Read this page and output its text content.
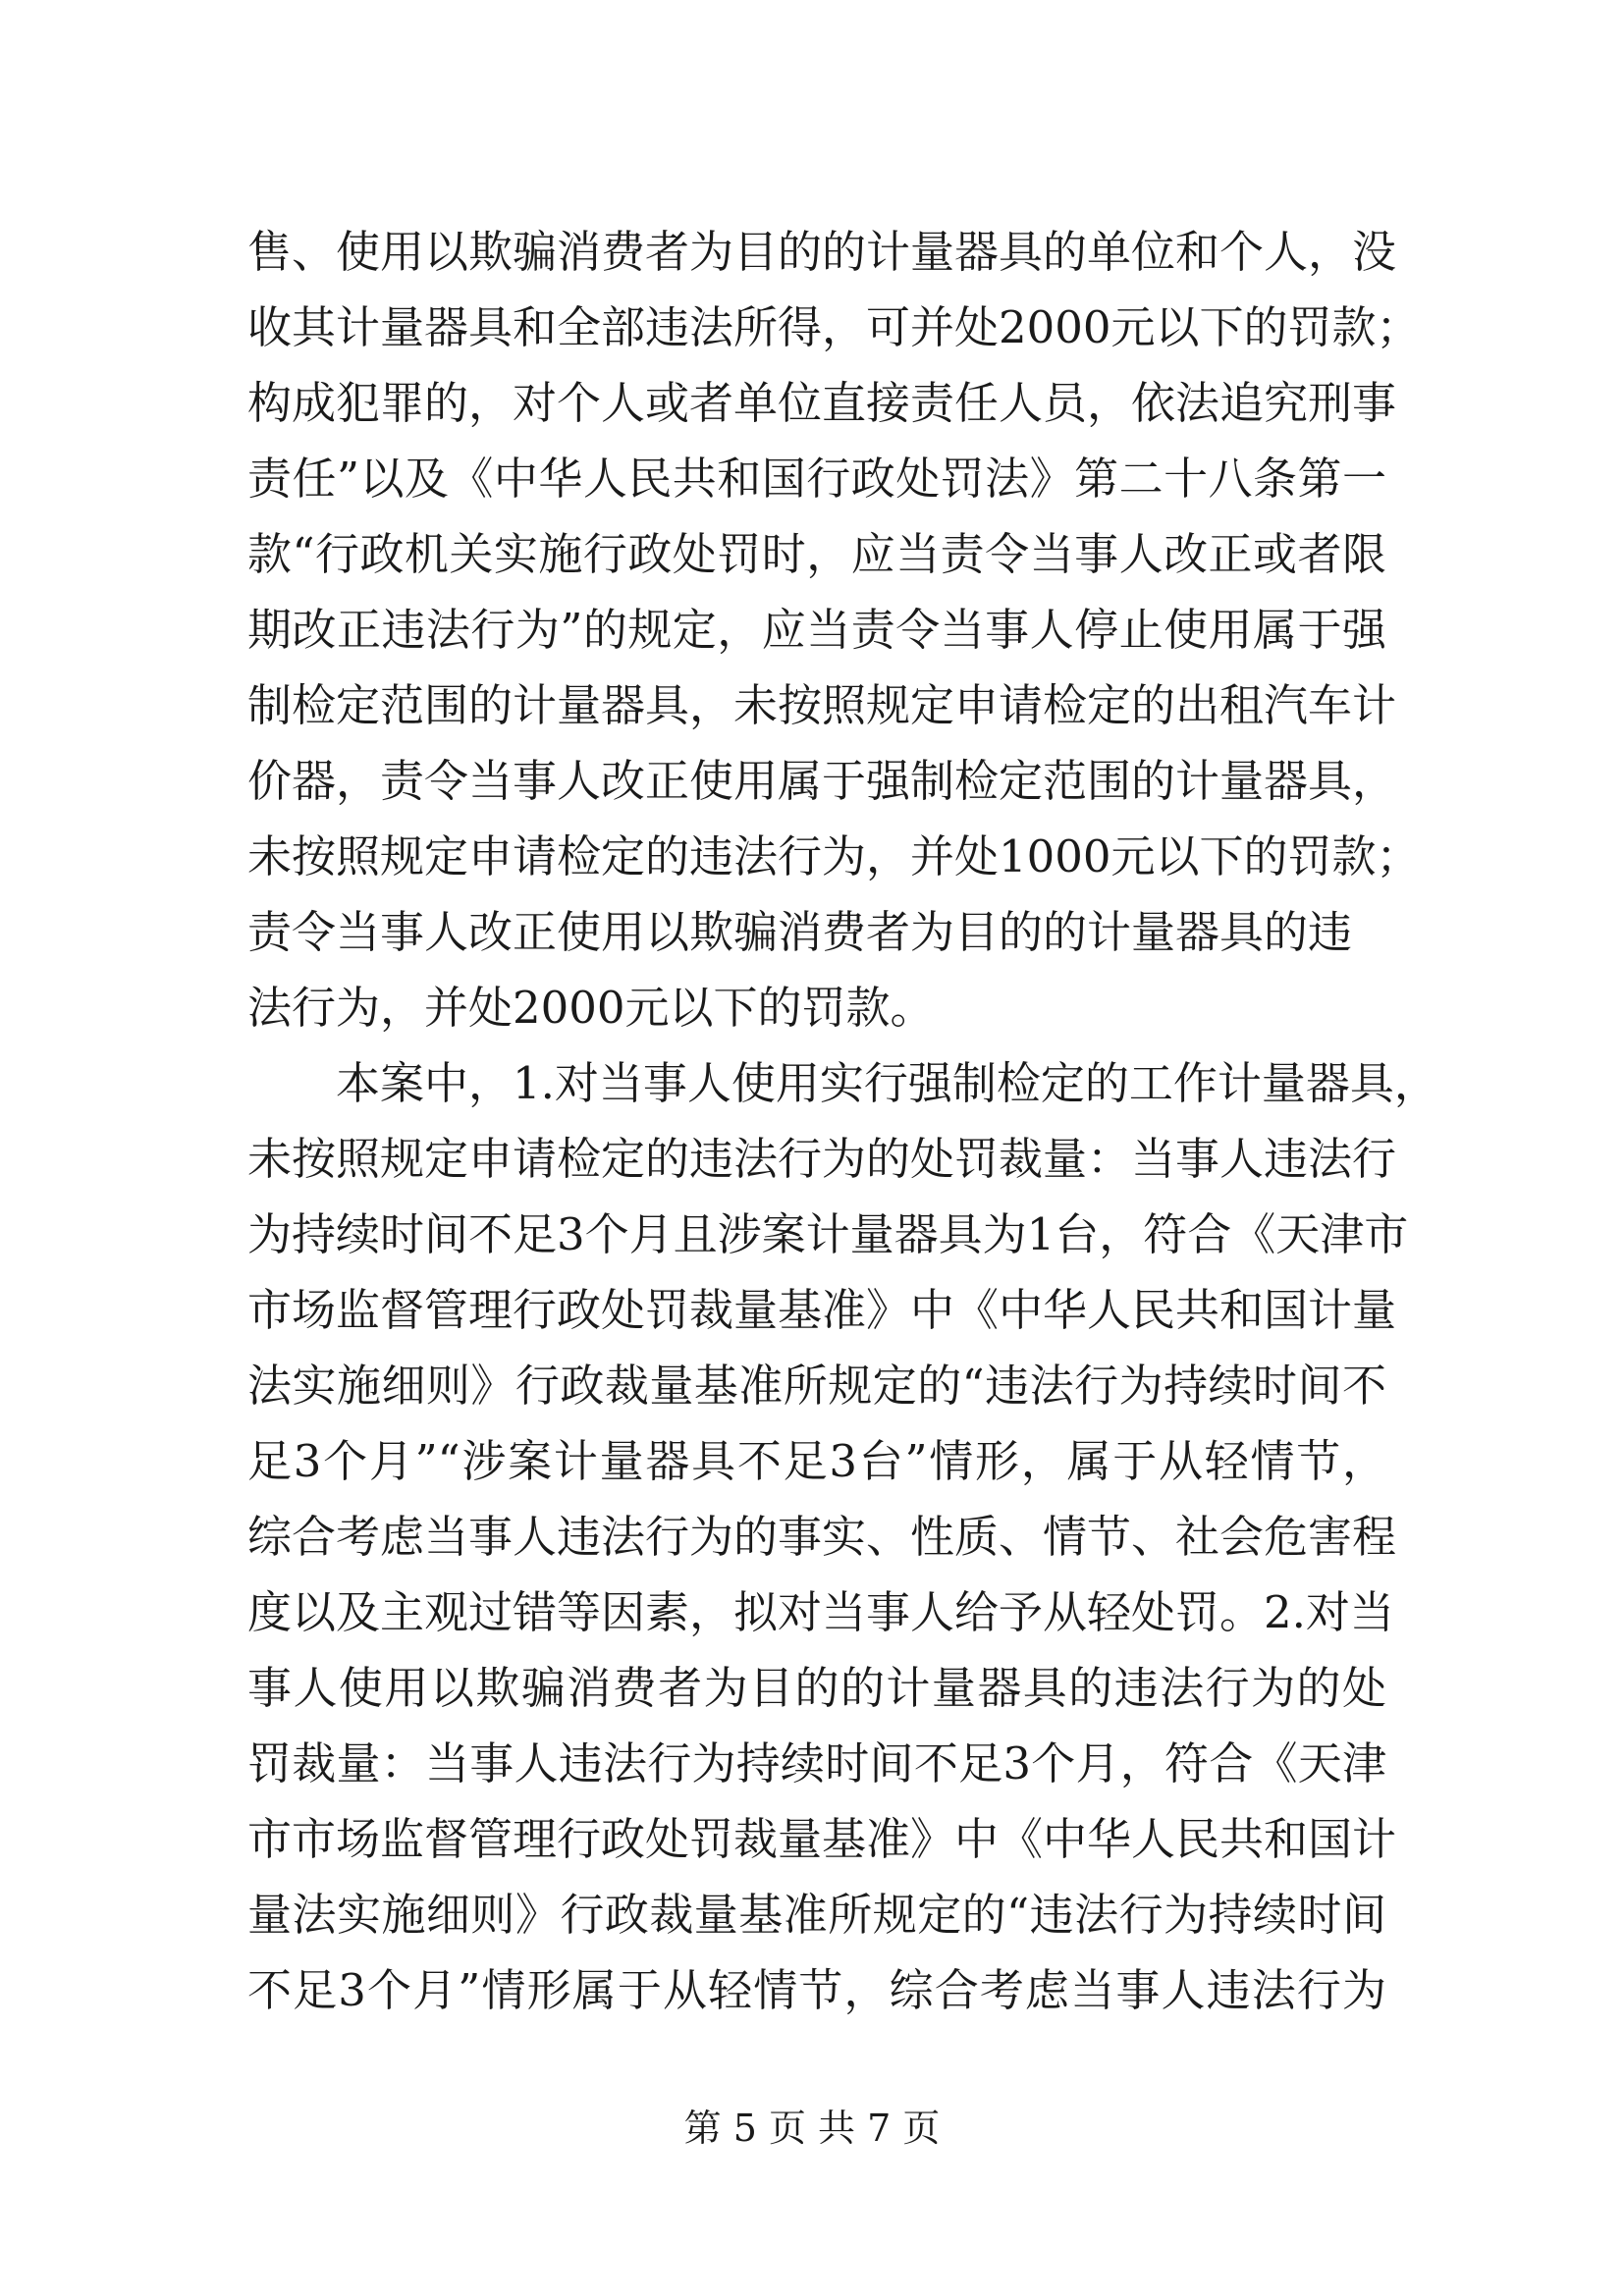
售、使用以欺骗消费者为目的的计量器具的单位和个人，没
收其计量器具和全部违法所得，可并处2000元以下的罚款；
构成犯罪的，对个人或者单位直接责任人员，依法追究刑事
责任”以及《中华人民共和国行政处罚法》第二十八条第一
款“行政机关实施行政处罚时，应当责令当事人改正或者限
期改正违法行为”的规定，应当责令当事人停止使用属于强
制检定范围的计量器具，未按照规定申请检定的出租汽车计
价器，责令当事人改正使用属于强制检定范围的计量器具，
未按照规定申请检定的违法行为，并处1000元以下的罚款；
责令当事人改正使用以欺骗消费者为目的的计量器具的违
法行为，并处2000元以下的罚款。
本案中，1.对当事人使用实行强制检定的工作计量器具，
未按照规定申请检定的违法行为的处罚裁量：当事人违法行
为持续时间不足3个月且涉案计量器具为1台，符合《天津市
市场监督管理行政处罚裁量基准》中《中华人民共和国计量
法实施细则》行政裁量基准所规定的“违法行为持续时间不
足3个月”“涉案计量器具不足3台”情形，属于从轻情节，
综合考虑当事人违法行为的事实、性质、情节、社会危害程
度以及主观过错等因素，拟对当事人给予从轻处罚。2.对当
事人使用以欺骗消费者为目的的计量器具的违法行为的处
罚裁量：当事人违法行为持续时间不足3个月，符合《天津
市市场监督管理行政处罚裁量基准》中《中华人民共和国计
量法实施细则》行政裁量基准所规定的“违法行为持续时间
不足3个月”情形属于从轻情节，综合考虑当事人违法行为
第 5 页 共 7 页
